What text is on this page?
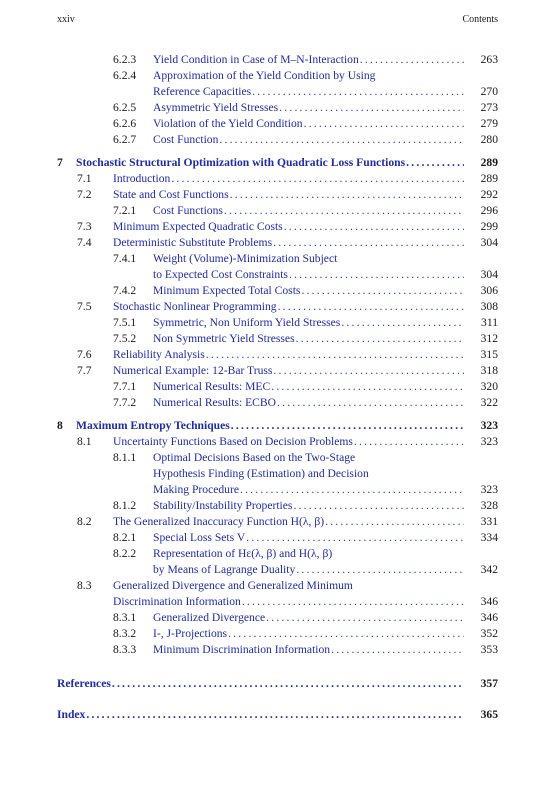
xxiv	Contents
6.2.3 Yield Condition in Case of M–N-Interaction .....	263
6.2.4 Approximation of the Yield Condition by Using
Reference Capacities .....	270
6.2.5 Asymmetric Yield Stresses .....	273
6.2.6 Violation of the Yield Condition .....	279
6.2.7 Cost Function .....	280
7 Stochastic Structural Optimization with Quadratic Loss Functions .....	289
7.1 Introduction .....	289
7.2 State and Cost Functions .....	292
7.2.1 Cost Functions .....	296
7.3 Minimum Expected Quadratic Costs .....	299
7.4 Deterministic Substitute Problems .....	304
7.4.1 Weight (Volume)-Minimization Subject
to Expected Cost Constraints .....	304
7.4.2 Minimum Expected Total Costs .....	306
7.5 Stochastic Nonlinear Programming .....	308
7.5.1 Symmetric, Non Uniform Yield Stresses .....	311
7.5.2 Non Symmetric Yield Stresses .....	312
7.6 Reliability Analysis .....	315
7.7 Numerical Example: 12-Bar Truss .....	318
7.7.1 Numerical Results: MEC .....	320
7.7.2 Numerical Results: ECBO .....	322
8 Maximum Entropy Techniques .....	323
8.1 Uncertainty Functions Based on Decision Problems .....	323
8.1.1 Optimal Decisions Based on the Two-Stage
Hypothesis Finding (Estimation) and Decision
Making Procedure .....	323
8.1.2 Stability/Instability Properties .....	328
8.2 The Generalized Inaccuracy Function H(λ, β) .....	331
8.2.1 Special Loss Sets V .....	334
8.2.2 Representation of Hε(λ, β) and H(λ, β)
by Means of Lagrange Duality .....	342
8.3 Generalized Divergence and Generalized Minimum
Discrimination Information .....	346
8.3.1 Generalized Divergence .....	346
8.3.2 I-, J-Projections .....	352
8.3.3 Minimum Discrimination Information .....	353
References .....	357
Index .....	365
